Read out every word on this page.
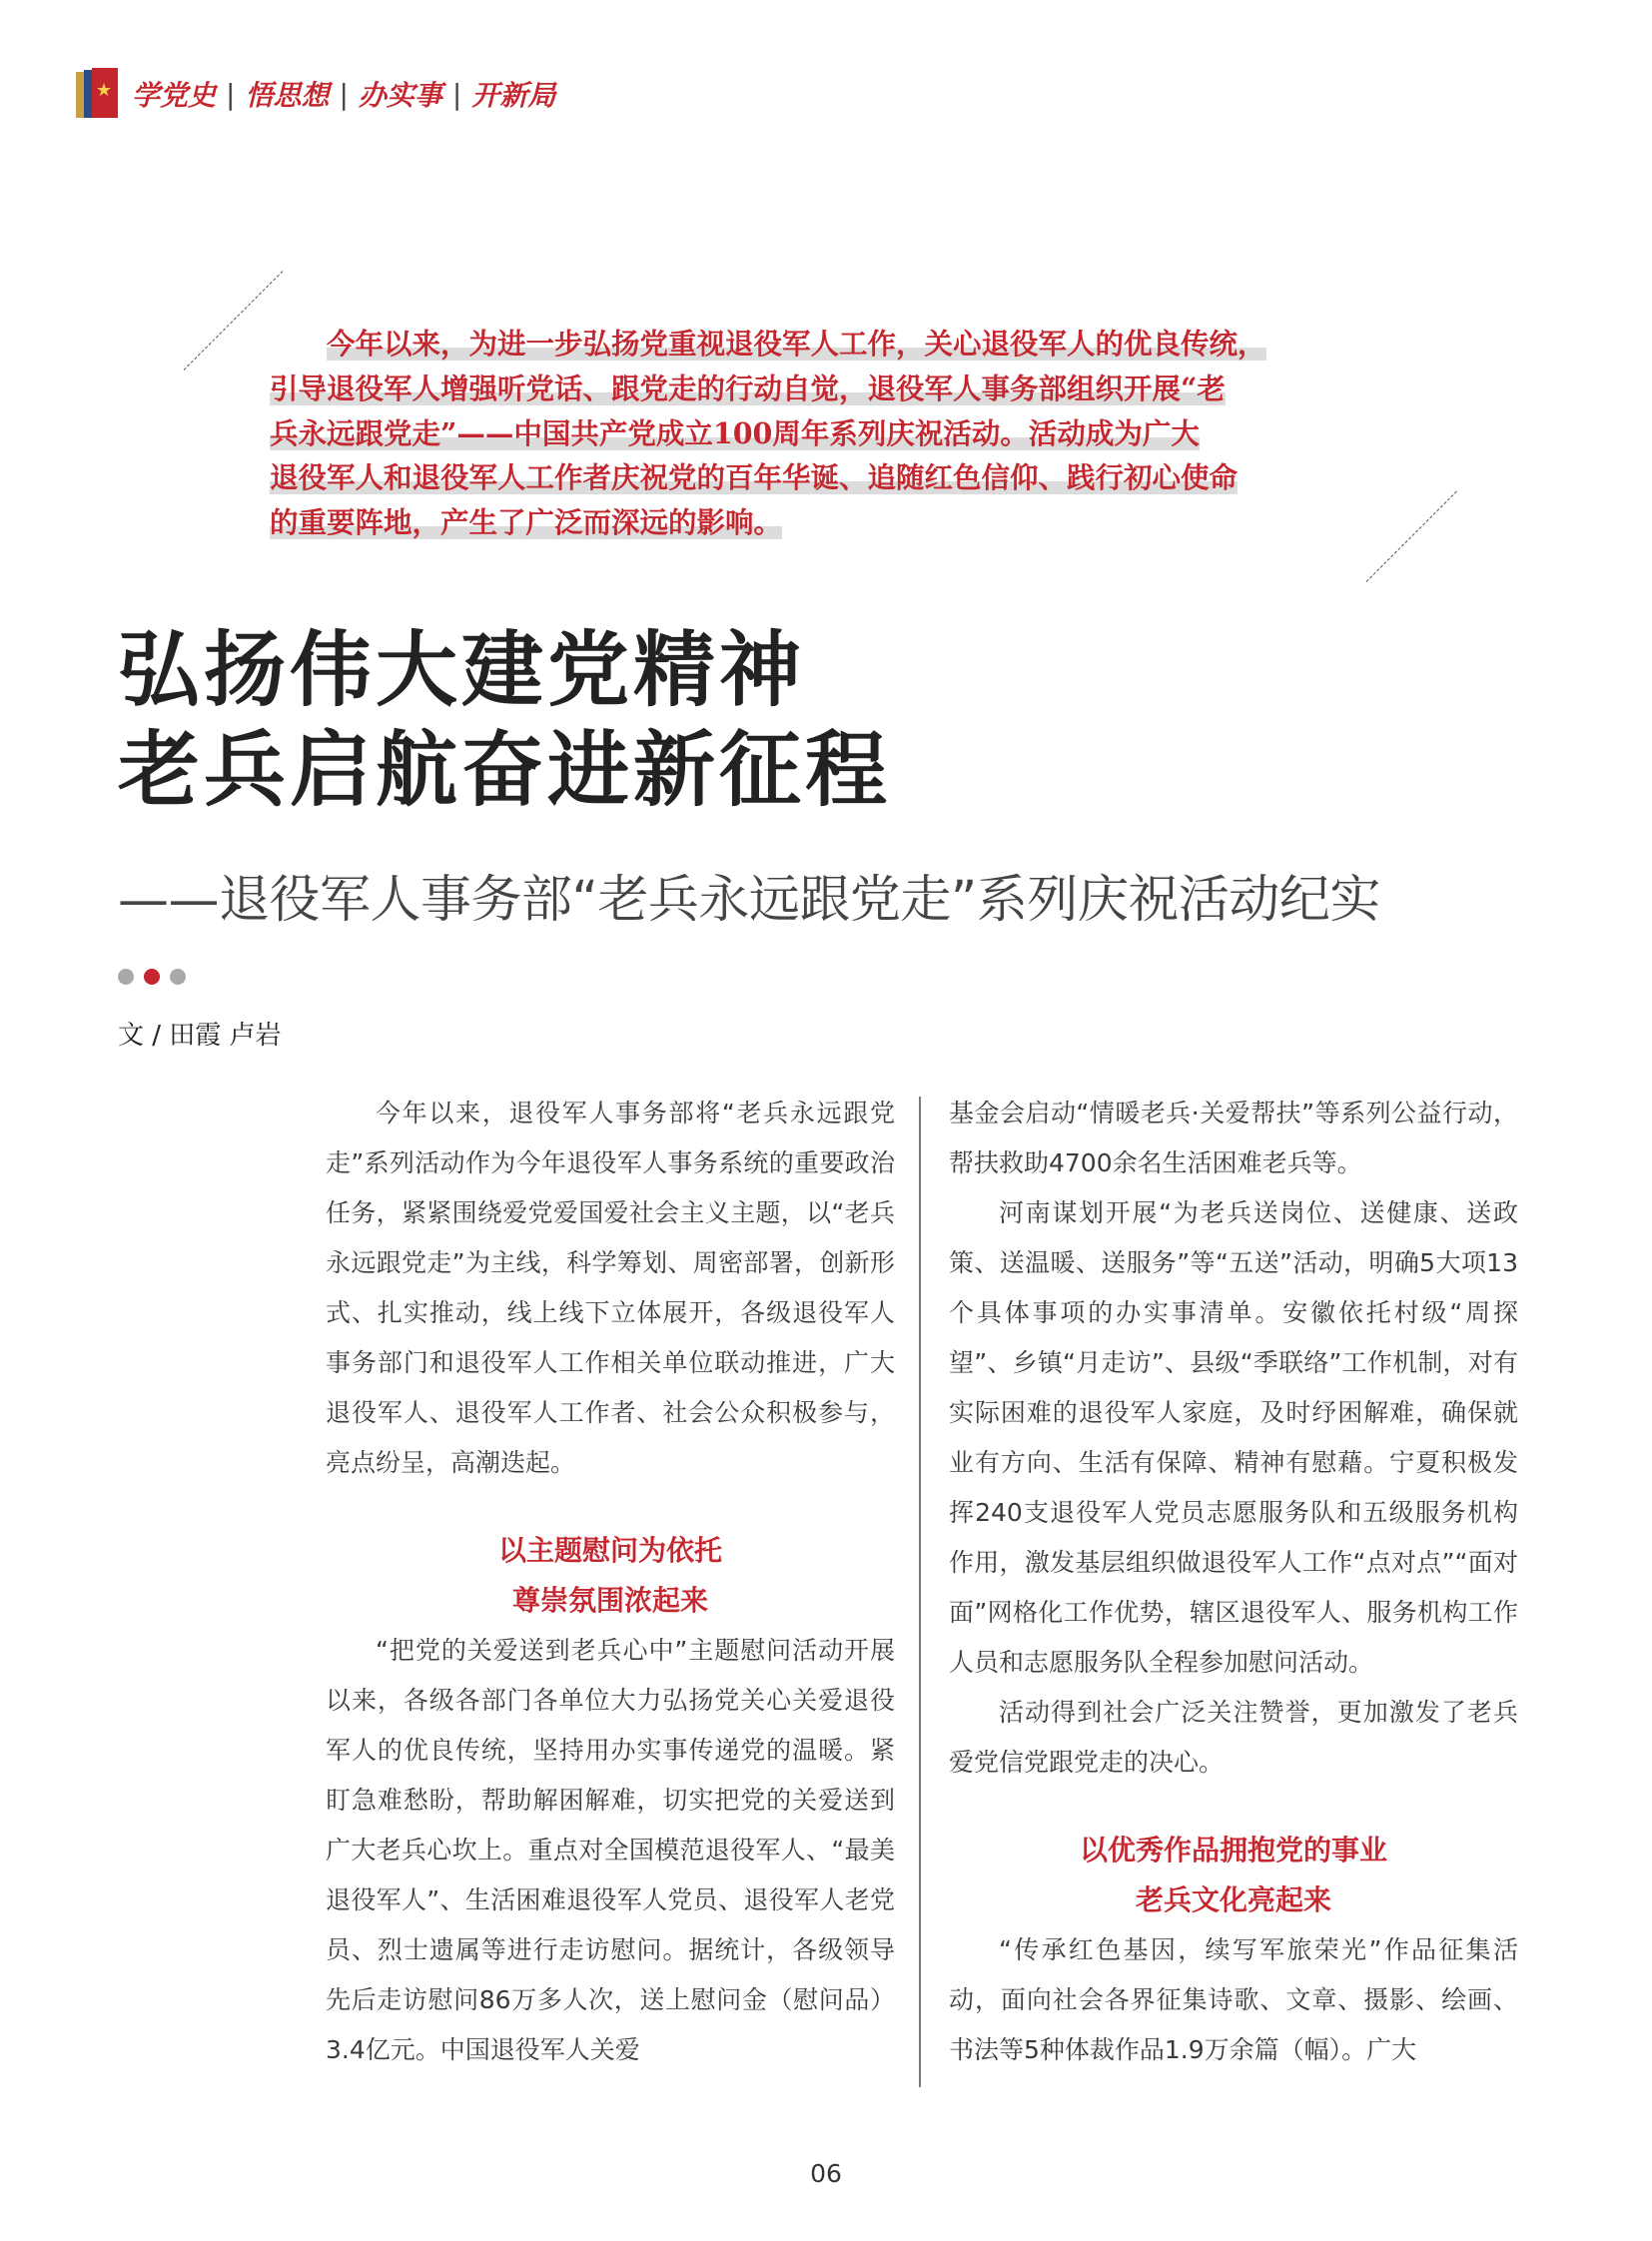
★ 学党史 | 悟思想 | 办实事 | 开新局
今年以来，为进一步弘扬党重视退役军人工作，关心退役军人的优良传统，
引导退役军人增强听党话、跟党走的行动自觉，退役军人事务部组织开展“老
兵永远跟党走”——中国共产党成立100周年系列庆祝活动。活动成为广大
退役军人和退役军人工作者庆祝党的百年华诞、追随红色信仰、践行初心使命
的重要阵地，产生了广泛而深远的影响。
弘扬伟大建党精神
老兵启航奋进新征程
——退役军人事务部“老兵永远跟党走”系列庆祝活动纪实
文 / 田霞 卢岩

今年以来，退役军人事务部将“老兵永远跟党走”系列活动作为今年退役军人事务系统的重要政治任务，紧紧围绕爱党爱国爱社会主义主题，以“老兵永远跟党走”为主线，科学筹划、周密部署，创新形式、扎实推动，线上线下立体展开，各级退役军人事务部门和退役军人工作相关单位联动推进，广大退役军人、退役军人工作者、社会公众积极参与，亮点纷呈，高潮迭起。

以主题慰问为依托
尊崇氛围浓起来

“把党的关爱送到老兵心中”主题慰问活动开展以来，各级各部门各单位大力弘扬党关心关爱退役军人的优良传统，坚持用办实事传递党的温暖。紧盯急难愁盼，帮助解困解难，切实把党的关爱送到广大老兵心坎上。重点对全国模范退役军人、“最美退役军人”、生活困难退役军人党员、退役军人老党员、烈士遗属等进行走访慰问。据统计，各级领导先后走访慰问86万多人次，送上慰问金（慰问品）3.4亿元。中国退役军人关爱

基金会启动“情暖老兵·关爱帮扶”等系列公益行动，帮扶救助4700余名生活困难老兵等。

河南谋划开展“为老兵送岗位、送健康、送政策、送温暖、送服务”等“五送”活动，明确5大项13个具体事项的办实事清单。安徽依托村级“周探望”、乡镇“月走访”、县级“季联络”工作机制，对有实际困难的退役军人家庭，及时纾困解难，确保就业有方向、生活有保障、精神有慰藉。宁夏积极发挥240支退役军人党员志愿服务队和五级服务机构作用，激发基层组织做退役军人工作“点对点”“面对面”网格化工作优势，辖区退役军人、服务机构工作人员和志愿服务队全程参加慰问活动。

活动得到社会广泛关注赞誉，更加激发了老兵爱党信党跟党走的决心。

以优秀作品拥抱党的事业
老兵文化亮起来

“传承红色基因，续写军旅荣光”作品征集活动，面向社会各界征集诗歌、文章、摄影、绘画、书法等5种体裁作品1.9万余篇（幅）。广大

06
